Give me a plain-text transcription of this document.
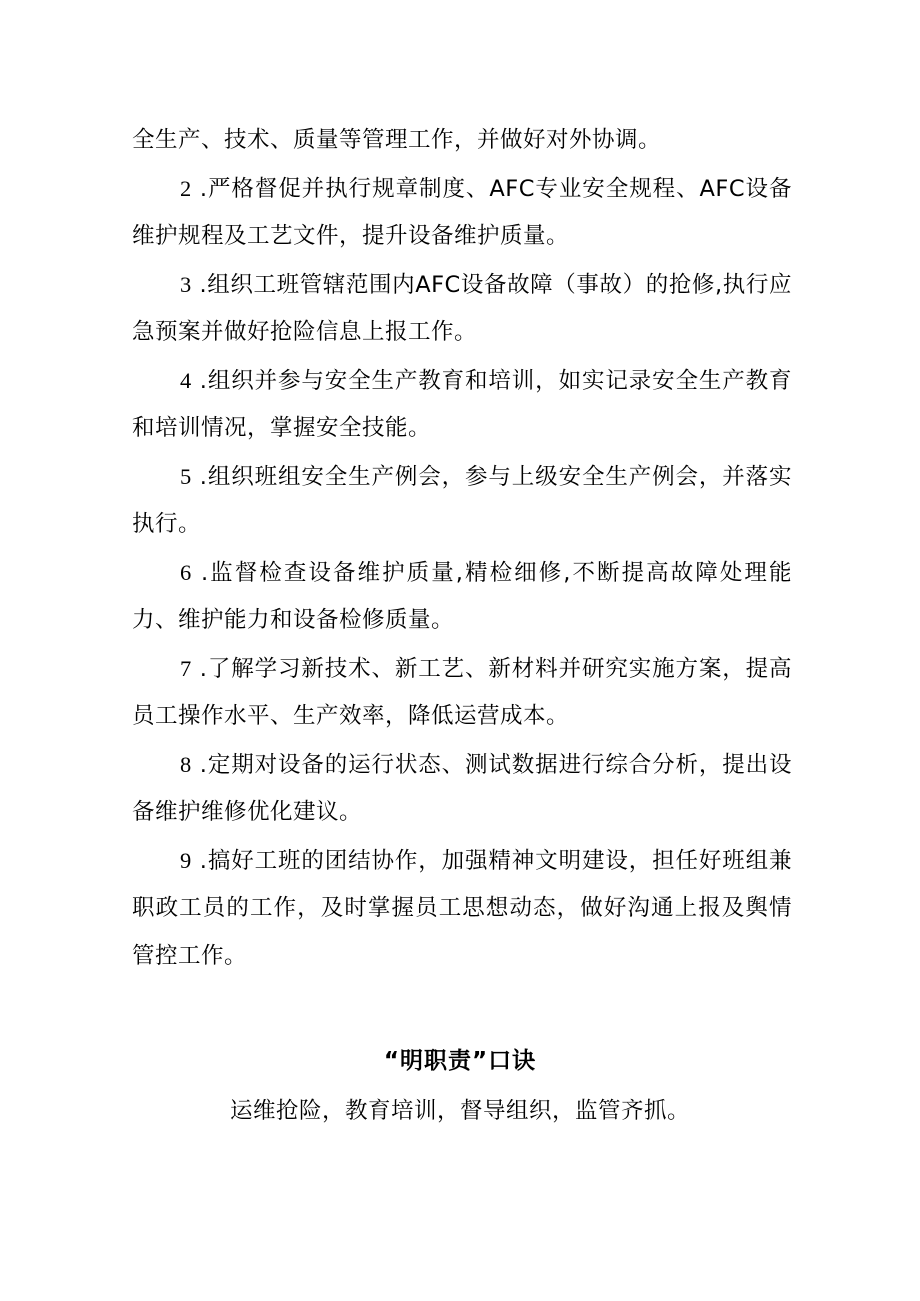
全生产、技术、质量等管理工作，并做好对外协调。

2 .严格督促并执行规章制度、AFC专业安全规程、AFC设备维护规程及工艺文件，提升设备维护质量。

3 .组织工班管辖范围内AFC设备故障（事故）的抢修,执行应急预案并做好抢险信息上报工作。

4 .组织并参与安全生产教育和培训，如实记录安全生产教育和培训情况，掌握安全技能。

5 .组织班组安全生产例会，参与上级安全生产例会，并落实执行。

6 .监督检查设备维护质量,精检细修,不断提高故障处理能力、维护能力和设备检修质量。

7 .了解学习新技术、新工艺、新材料并研究实施方案，提高员工操作水平、生产效率，降低运营成本。

8 .定期对设备的运行状态、测试数据进行综合分析，提出设备维护维修优化建议。

9 .搞好工班的团结协作，加强精神文明建设，担任好班组兼职政工员的工作，及时掌握员工思想动态，做好沟通上报及舆情管控工作。

“明职责”口诀
运维抢险，教育培训，督导组织，监管齐抓。
